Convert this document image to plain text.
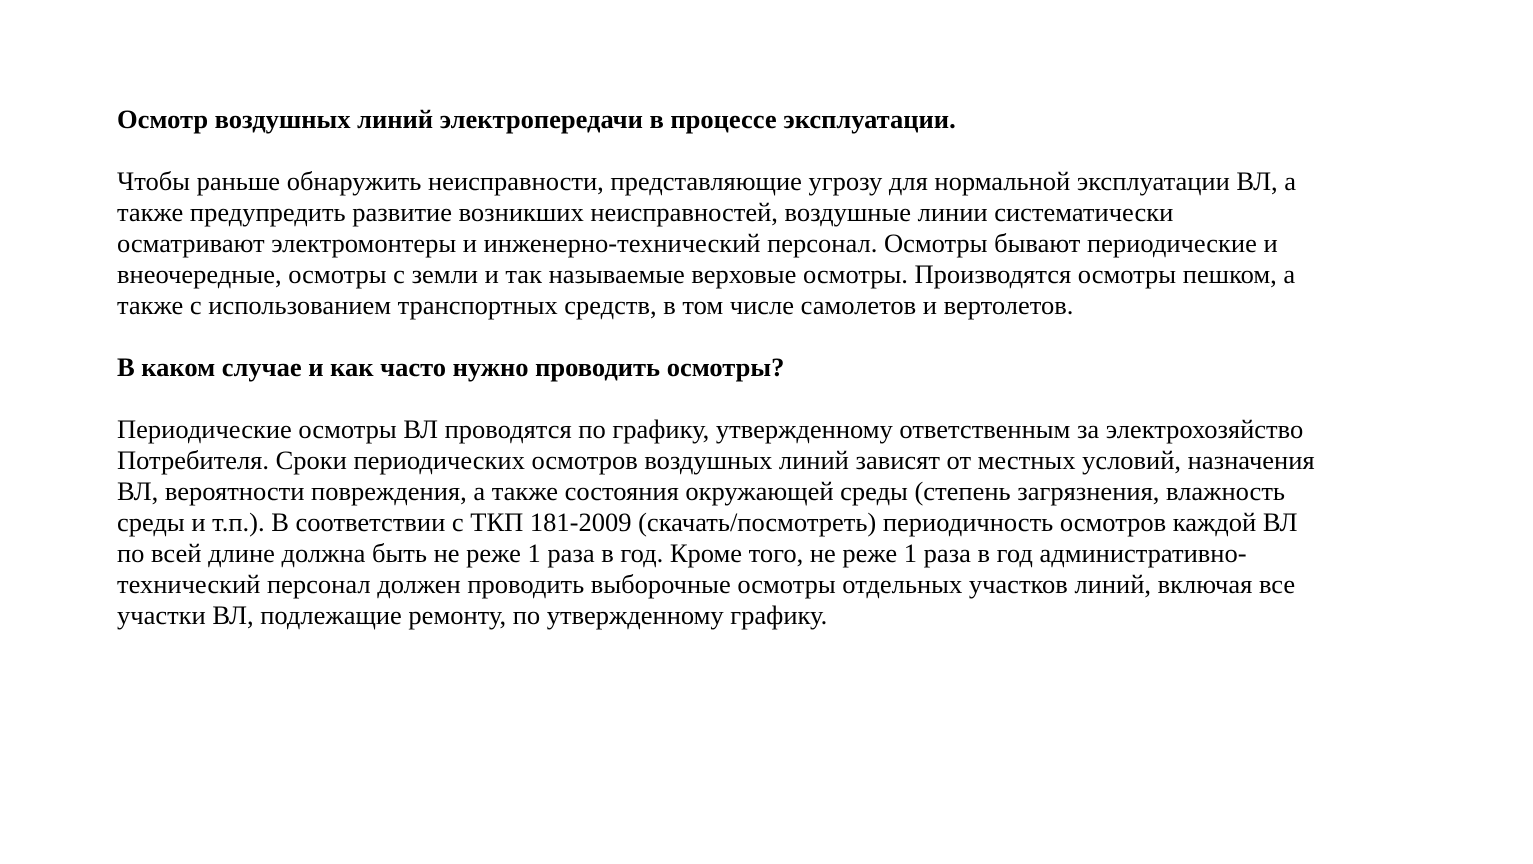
Осмотр воздушных линий электропередачи в процессе эксплуатации.

Чтобы раньше обнаружить неисправности, представляющие угрозу для нормальной эксплуатации ВЛ, а
также предупредить развитие возникших неисправностей, воздушные линии систематически
осматривают электромонтеры и инженерно-технический персонал. Осмотры бывают периодические и
внеочередные, осмотры с земли и так называемые верховые осмотры. Производятся осмотры пешком, а
также с использованием транспортных средств, в том числе самолетов и вертолетов.

В каком случае и как часто нужно проводить осмотры?

Периодические осмотры ВЛ проводятся по графику, утвержденному ответственным за электрохозяйство
Потребителя. Сроки периодических осмотров воздушных линий зависят от местных условий, назначения
ВЛ, вероятности повреждения, а также состояния окружающей среды (степень загрязнения, влажность
среды и т.п.). В соответствии с ТКП 181-2009 (скачать/посмотреть) периодичность осмотров каждой ВЛ
по всей длине должна быть не реже 1 раза в год. Кроме того, не реже 1 раза в год административно-
технический персонал должен проводить выборочные осмотры отдельных участков линий, включая все
участки ВЛ, подлежащие ремонту, по утвержденному графику.
